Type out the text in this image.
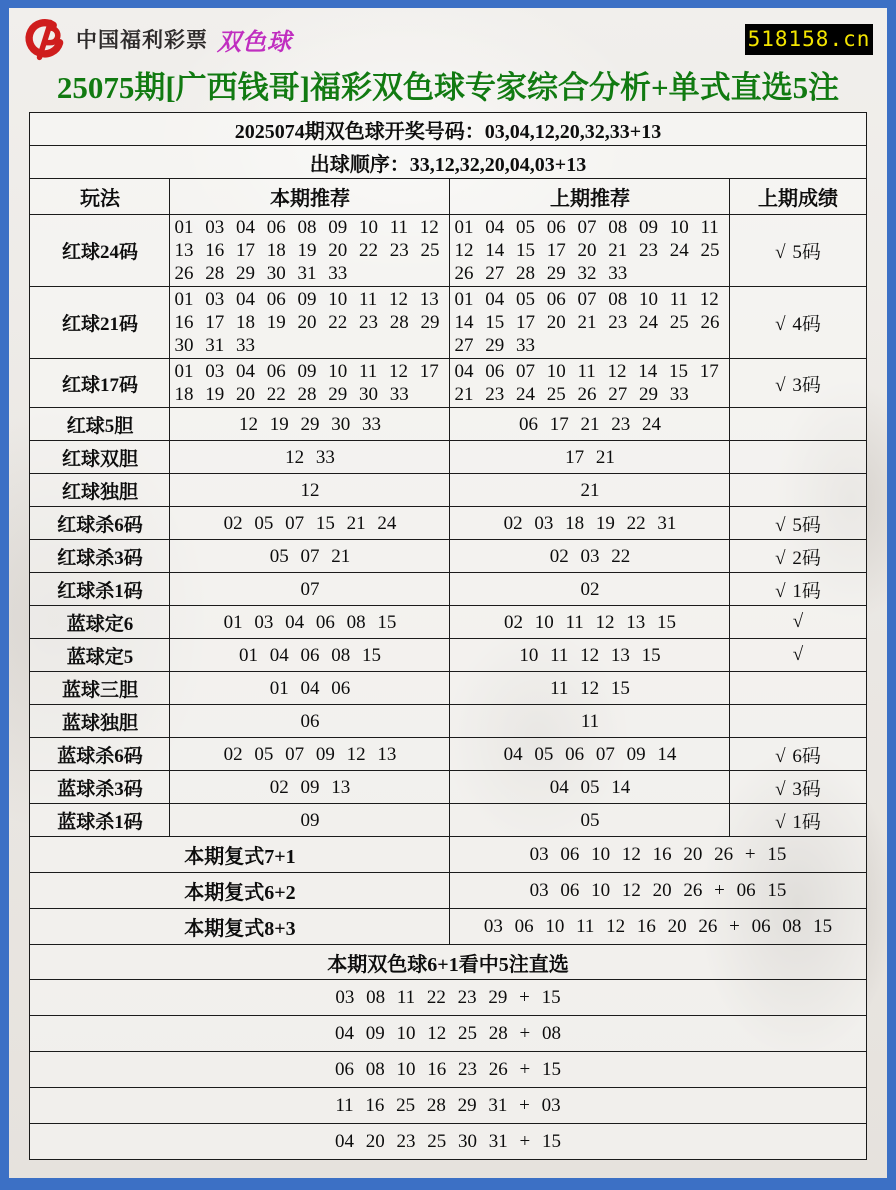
中国福利彩票 双色球	518158.cn
25075期[广西钱哥]福彩双色球专家综合分析+单式直选5注
2025074期双色球开奖号码：03,04,12,20,32,33+13			
出球顺序：33,12,32,20,04,03+13			
玩法	本期推荐	上期推荐	上期成绩
红球24码	01 03 04 06 08 09 10 11 12 13 16 17 18 19 20 22 23 25 26 28 29 30 31 33	01 04 05 06 07 08 09 10 11 12 14 15 17 20 21 23 24 25 26 27 28 29 32 33	√ 5码
红球21码	01 03 04 06 09 10 11 12 13 16 17 18 19 20 22 23 28 29 30 31 33	01 04 05 06 07 08 10 11 12 14 15 17 20 21 23 24 25 26 27 29 33	√ 4码
红球17码	01 03 04 06 09 10 11 12 17 18 19 20 22 28 29 30 33	04 06 07 10 11 12 14 15 17 21 23 24 25 26 27 29 33	√ 3码
红球5胆	12 19 29 30 33	06 17 21 23 24	
红球双胆	12 33	17 21	
红球独胆	12	21	
红球杀6码	02 05 07 15 21 24	02 03 18 19 22 31	√ 5码
红球杀3码	05 07 21	02 03 22	√ 2码
红球杀1码	07	02	√ 1码
蓝球定6	01 03 04 06 08 15	02 10 11 12 13 15	√
蓝球定5	01 04 06 08 15	10 11 12 13 15	√
蓝球三胆	01 04 06	11 12 15	
蓝球独胆	06	11	
蓝球杀6码	02 05 07 09 12 13	04 05 06 07 09 14	√ 6码
蓝球杀3码	02 09 13	04 05 14	√ 3码
蓝球杀1码	09	05	√ 1码
本期复式7+1		03 06 10 12 16 20 26 + 15	
本期复式6+2		03 06 10 12 20 26 + 06 15	
本期复式8+3		03 06 10 11 12 16 20 26 + 06 08 15	
本期双色球6+1看中5注直选			
03 08 11 22 23 29 + 15			
04 09 10 12 25 28 + 08			
06 08 10 16 23 26 + 15			
11 16 25 28 29 31 + 03			
04 20 23 25 30 31 + 15			
